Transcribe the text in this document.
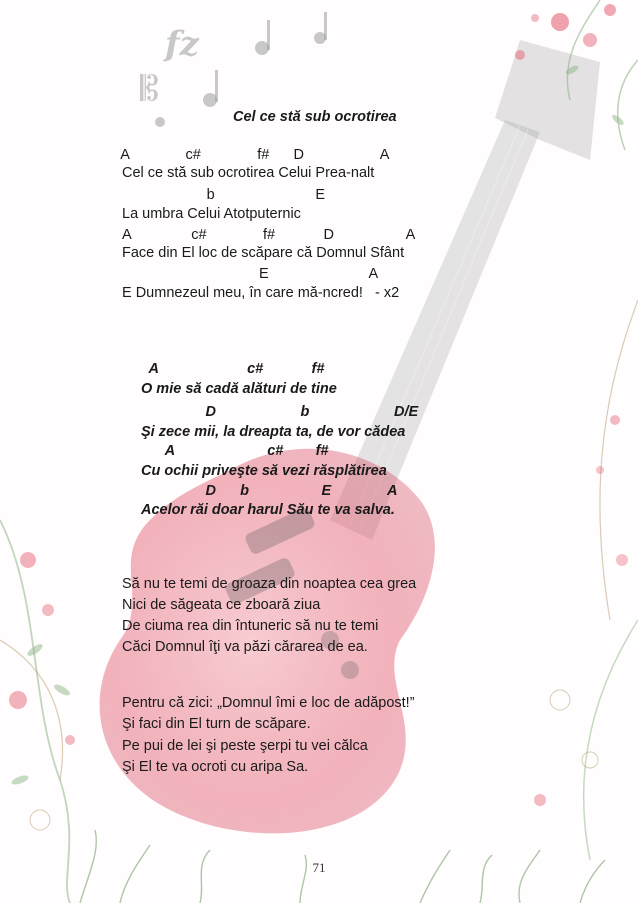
fz
𝄡
Cel ce stă sub ocrotirea
A              c#              f#      D                   A
Cel ce stă sub ocrotirea Celui Prea-nalt
b                         E
La umbra Celui Atotputernic
A               c#              f#            D                  A
Face din El loc de scăpare că Domnul Sfânt
E                         A
E Dumnezeul meu, în care mă-ncred!   - x2
A                      c#            f#
O mie să cadă alături de tine
D                     b                     D/E
Şi zece mii, la dreapta ta, de vor cădea
A                       c#        f#
Cu ochii priveşte să vezi răsplătirea
D      b                  E              A
Acelor răi doar harul Său te va salva.
Să nu te temi de groaza din noaptea cea grea
Nici de săgeata ce zboară ziua
De ciuma rea din întuneric să nu te temi
Căci Domnul îţi va păzi cărarea de ea.
Pentru că zici: „Domnul îmi e loc de adăpost!”
Şi faci din El turn de scăpare.
Pe pui de lei şi peste şerpi tu vei călca
Şi El te va ocroti cu aripa Sa.
71
